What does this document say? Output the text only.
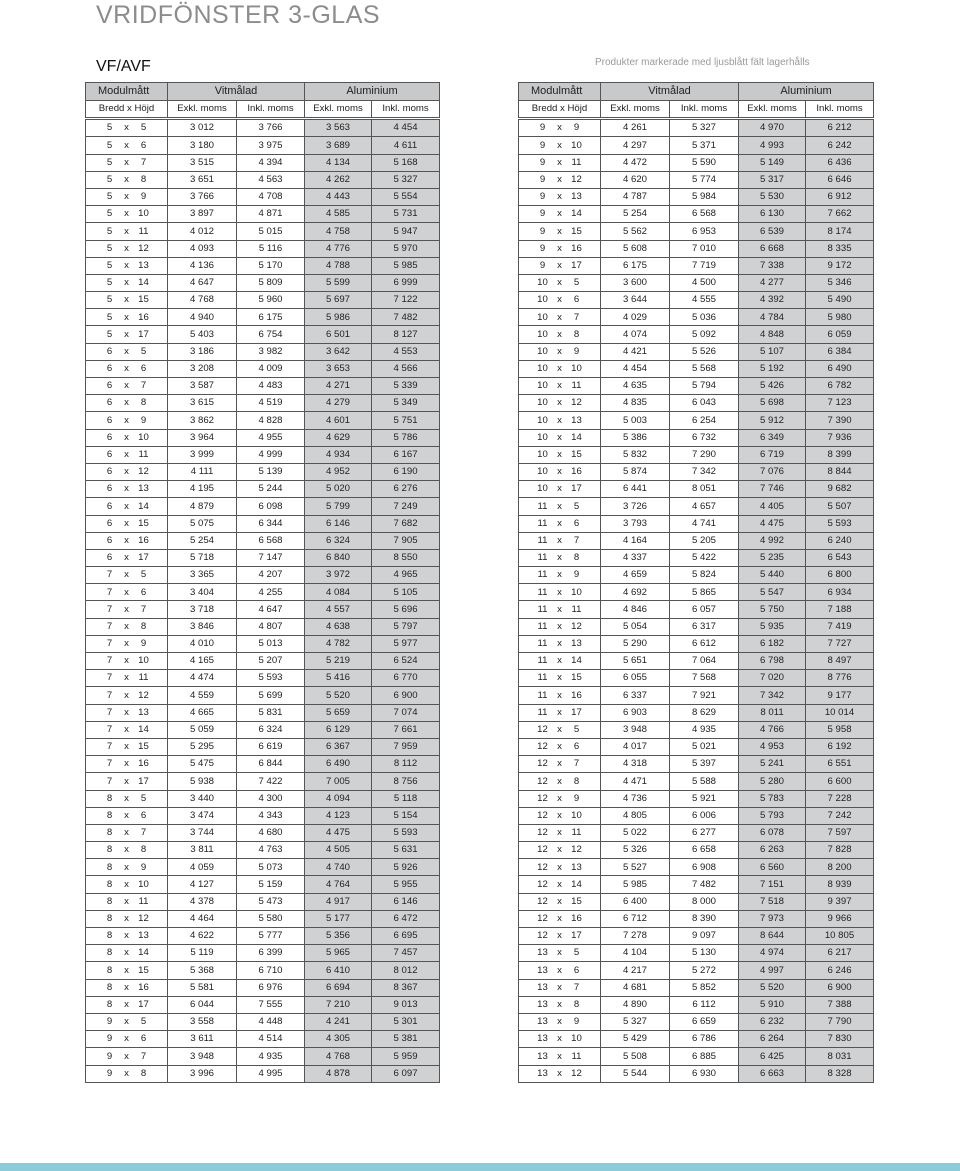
VRIDFÖNSTER 3-GLAS
VF/AVF	Produkter markerade med ljusblått fält lagerhålls
Modulmått	Vitmålad		Aluminium	
Bredd x Höjd	Exkl. moms	Inkl. moms	Exkl. moms	Inkl. moms

5 x 5	3 012	3 766	3 563	4 454
5 x 6	3 180	3 975	3 689	4 611
5 x 7	3 515	4 394	4 134	5 168
5 x 8	3 651	4 563	4 262	5 327
5 x 9	3 766	4 708	4 443	5 554
5 x 10	3 897	4 871	4 585	5 731
5 x 11	4 012	5 015	4 758	5 947
5 x 12	4 093	5 116	4 776	5 970
5 x 13	4 136	5 170	4 788	5 985
5 x 14	4 647	5 809	5 599	6 999
5 x 15	4 768	5 960	5 697	7 122
5 x 16	4 940	6 175	5 986	7 482
5 x 17	5 403	6 754	6 501	8 127
6 x 5	3 186	3 982	3 642	4 553
6 x 6	3 208	4 009	3 653	4 566
6 x 7	3 587	4 483	4 271	5 339
6 x 8	3 615	4 519	4 279	5 349
6 x 9	3 862	4 828	4 601	5 751
6 x 10	3 964	4 955	4 629	5 786
6 x 11	3 999	4 999	4 934	6 167
6 x 12	4 111	5 139	4 952	6 190
6 x 13	4 195	5 244	5 020	6 276
6 x 14	4 879	6 098	5 799	7 249
6 x 15	5 075	6 344	6 146	7 682
6 x 16	5 254	6 568	6 324	7 905
6 x 17	5 718	7 147	6 840	8 550
7 x 5	3 365	4 207	3 972	4 965
7 x 6	3 404	4 255	4 084	5 105
7 x 7	3 718	4 647	4 557	5 696
7 x 8	3 846	4 807	4 638	5 797
7 x 9	4 010	5 013	4 782	5 977
7 x 10	4 165	5 207	5 219	6 524
7 x 11	4 474	5 593	5 416	6 770
7 x 12	4 559	5 699	5 520	6 900
7 x 13	4 665	5 831	5 659	7 074
7 x 14	5 059	6 324	6 129	7 661
7 x 15	5 295	6 619	6 367	7 959
7 x 16	5 475	6 844	6 490	8 112
7 x 17	5 938	7 422	7 005	8 756
8 x 5	3 440	4 300	4 094	5 118
8 x 6	3 474	4 343	4 123	5 154
8 x 7	3 744	4 680	4 475	5 593
8 x 8	3 811	4 763	4 505	5 631
8 x 9	4 059	5 073	4 740	5 926
8 x 10	4 127	5 159	4 764	5 955
8 x 11	4 378	5 473	4 917	6 146
8 x 12	4 464	5 580	5 177	6 472
8 x 13	4 622	5 777	5 356	6 695
8 x 14	5 119	6 399	5 965	7 457
8 x 15	5 368	6 710	6 410	8 012
8 x 16	5 581	6 976	6 694	8 367
8 x 17	6 044	7 555	7 210	9 013
9 x 5	3 558	4 448	4 241	5 301
9 x 6	3 611	4 514	4 305	5 381
9 x 7	3 948	4 935	4 768	5 959
9 x 8	3 996	4 995	4 878	6 097
Modulmått	Vitmålad		Aluminium	
Bredd x Höjd	Exkl. moms	Inkl. moms	Exkl. moms	Inkl. moms

9 x 9	4 261	5 327	4 970	6 212
9 x 10	4 297	5 371	4 993	6 242
9 x 11	4 472	5 590	5 149	6 436
9 x 12	4 620	5 774	5 317	6 646
9 x 13	4 787	5 984	5 530	6 912
9 x 14	5 254	6 568	6 130	7 662
9 x 15	5 562	6 953	6 539	8 174
9 x 16	5 608	7 010	6 668	8 335
9 x 17	6 175	7 719	7 338	9 172
10 x 5	3 600	4 500	4 277	5 346
10 x 6	3 644	4 555	4 392	5 490
10 x 7	4 029	5 036	4 784	5 980
10 x 8	4 074	5 092	4 848	6 059
10 x 9	4 421	5 526	5 107	6 384
10 x 10	4 454	5 568	5 192	6 490
10 x 11	4 635	5 794	5 426	6 782
10 x 12	4 835	6 043	5 698	7 123
10 x 13	5 003	6 254	5 912	7 390
10 x 14	5 386	6 732	6 349	7 936
10 x 15	5 832	7 290	6 719	8 399
10 x 16	5 874	7 342	7 076	8 844
10 x 17	6 441	8 051	7 746	9 682
11 x 5	3 726	4 657	4 405	5 507
11 x 6	3 793	4 741	4 475	5 593
11 x 7	4 164	5 205	4 992	6 240
11 x 8	4 337	5 422	5 235	6 543
11 x 9	4 659	5 824	5 440	6 800
11 x 10	4 692	5 865	5 547	6 934
11 x 11	4 846	6 057	5 750	7 188
11 x 12	5 054	6 317	5 935	7 419
11 x 13	5 290	6 612	6 182	7 727
11 x 14	5 651	7 064	6 798	8 497
11 x 15	6 055	7 568	7 020	8 776
11 x 16	6 337	7 921	7 342	9 177
11 x 17	6 903	8 629	8 011	10 014
12 x 5	3 948	4 935	4 766	5 958
12 x 6	4 017	5 021	4 953	6 192
12 x 7	4 318	5 397	5 241	6 551
12 x 8	4 471	5 588	5 280	6 600
12 x 9	4 736	5 921	5 783	7 228
12 x 10	4 805	6 006	5 793	7 242
12 x 11	5 022	6 277	6 078	7 597
12 x 12	5 326	6 658	6 263	7 828
12 x 13	5 527	6 908	6 560	8 200
12 x 14	5 985	7 482	7 151	8 939
12 x 15	6 400	8 000	7 518	9 397
12 x 16	6 712	8 390	7 973	9 966
12 x 17	7 278	9 097	8 644	10 805
13 x 5	4 104	5 130	4 974	6 217
13 x 6	4 217	5 272	4 997	6 246
13 x 7	4 681	5 852	5 520	6 900
13 x 8	4 890	6 112	5 910	7 388
13 x 9	5 327	6 659	6 232	7 790
13 x 10	5 429	6 786	6 264	7 830
13 x 11	5 508	6 885	6 425	8 031
13 x 12	5 544	6 930	6 663	8 328
